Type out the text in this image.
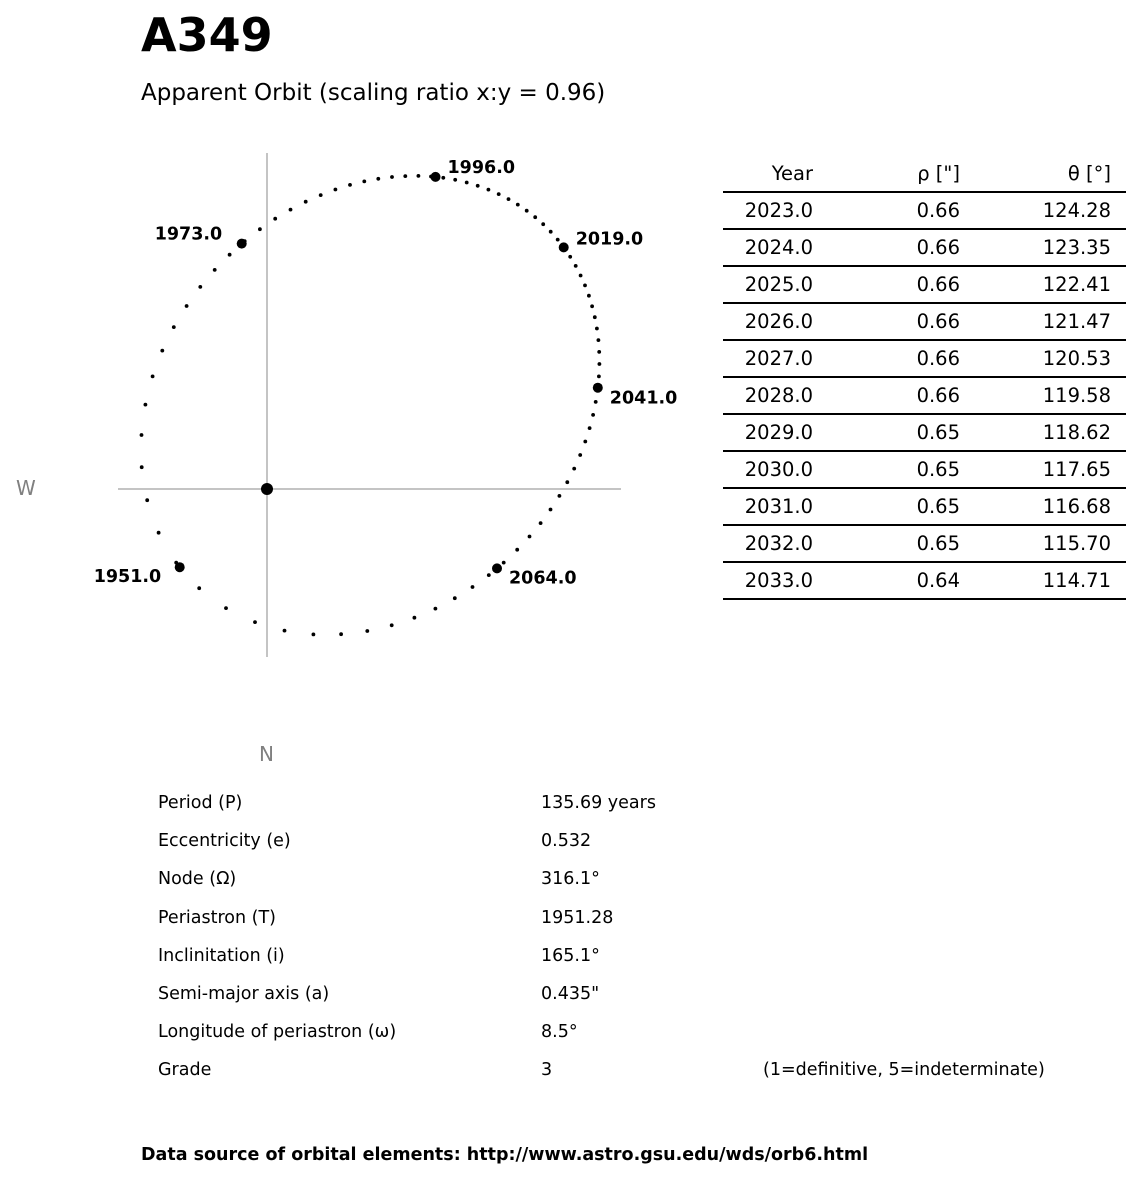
A349
Apparent Orbit (scaling ratio x:y = 0.96)
1951.0
1973.0
1996.0
2019.0
2041.0
2064.0
W
N
Year	ρ ["]	θ [°]
2023.0	0.66	124.28
2024.0	0.66	123.35
2025.0	0.66	122.41
2026.0	0.66	121.47
2027.0	0.66	120.53
2028.0	0.66	119.58
2029.0	0.65	118.62
2030.0	0.65	117.65
2031.0	0.65	116.68
2032.0	0.65	115.70
2033.0	0.64	114.71
Period (P)	135.69 years
Eccentricity (e)	0.532
Node (Ω)	316.1°
Periastron (T)	1951.28
Inclinitation (i)	165.1°
Semi-major axis (a)	0.435"
Longitude of periastron (ω)	8.5°
Grade	3	(1=definitive, 5=indeterminate)
Data source of orbital elements: http://www.astro.gsu.edu/wds/orb6.html
